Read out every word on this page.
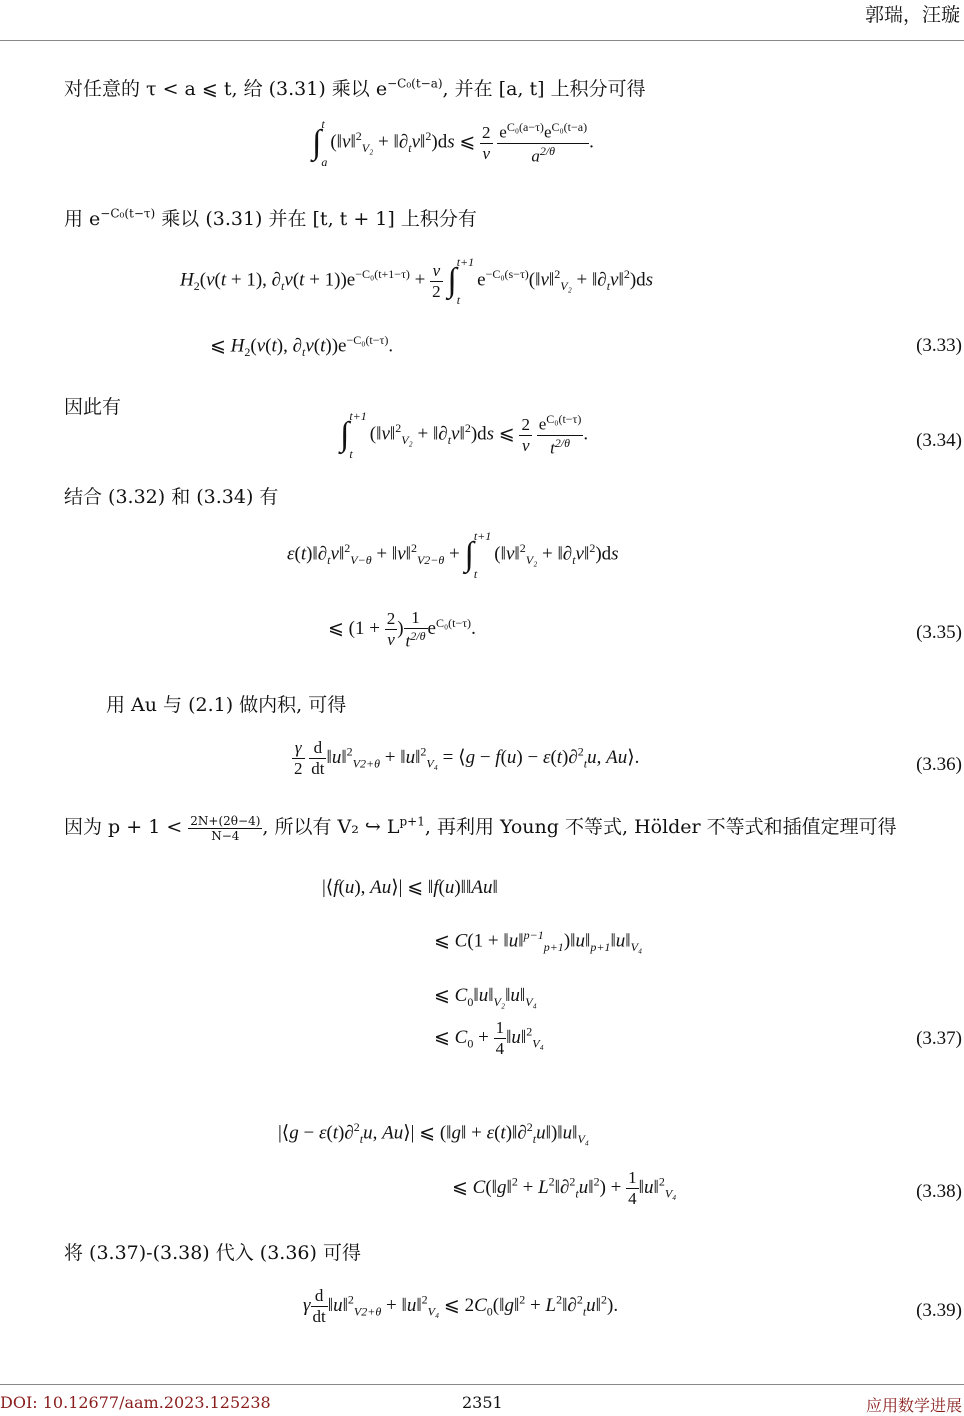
郭瑞，汪璇
对任意的 τ < a ⩽ t, 给 (3.31) 乘以 $e^{-C_0(t-a)}$, 并在 [a, t] 上积分可得
∫ t
a
(‖v‖$^2_{V_2}$ + $‖\partial_tv‖^2)ds$ ⩽ $\frac{2}{\nu}$
$\frac{e^{C_0(a-\tau)}e^{C_0(t-a)}}{a^{2/\theta}}$ .
用 $e^{-C_0(t-\tau)}$ 乘以 (3.31) 并在 [t, t + 1] 上积分有
$H_2(v(t + 1)$, $\partial_tv(t + 1))e^{-C_0(t+1-\tau)} + \frac{\nu}{2}$ ∫ t+1
t
$e^{-C_0(s-\tau)}(‖v‖^2_{V_2}$ + $‖\partial_tv‖^2)ds$
⩽ $H_2(v(t)$, $\partial_tv(t))e^{-C_0(t-\tau)}$.	(3.33)
因此有
∫ t+1
t
(‖v‖$^2_{V_2}$ + $‖\partial_tv‖^2)ds$ ⩽ $\frac{2}{\nu}$
$\frac{e^{C_0(t-\tau)}}{t^{2/\theta}}$ .	(3.34)
结合 (3.32) 和 (3.34) 有
$\varepsilon(t)‖\partial_tv‖^2_{V-\theta}$ + ‖v‖$^2_{V2-\theta}$ + ∫ t+1
t
(‖v‖$^2_{V_2}$ + $‖\partial_tv‖^2)ds$
⩽ ($1 + \frac{2}{\nu}$ ) $\frac{1}{t^{2/\theta}} e^{C_0(t-\tau)}$.	(3.35)
用 Au 与 (2.1) 做内积, 可得
$\frac{\gamma}{2}$
$\frac{d}{dt}$ ‖u‖$^2_{V2+\theta}$ + ‖u‖$^2_{V_4}$ = ⟨g − f(u) − ε(t)∂$^2_t$u, Au⟩.	(3.36)
因为 $p + 1 < \frac{2N+(2\theta-4)}{N-4}$ , 所以有 V₂ ↪ $L^{p+1}$, 再利用 Young 不等式, Hölder 不等式和插值定理可得
|⟨f(u), Au⟩| ⩽ ‖f(u)‖‖Au‖
⩽ $C(1 + ‖u‖^{p-1}_{p+1})‖u‖_{p+1}‖u‖_{V_4}$
⩽ $C_0‖u‖_{V_2}‖u‖_{V_4}$
⩽ $C_0 + \frac{1}{4}$ ‖u‖$^2_{V_4}$	(3.37)
|⟨g − ε(t)∂$^2_t$u, Au⟩| ⩽ (‖g‖ + $\varepsilon(t)‖\partial^2_tu‖)‖u‖_{V_4}$
⩽ C(‖g‖$^2$ + $L^2‖\partial^2_tu‖^2) + \frac{1}{4}$ ‖u‖$^2_{V_4}$	(3.38)
将 (3.37)-(3.38) 代入 (3.36) 可得
γ $\frac{d}{dt}$ ‖u‖$^2_{V2+\theta}$ + ‖u‖$^2_{V_4}$ ⩽ $2C_0(‖g‖^2$ + $L^2‖\partial^2_tu‖^2$).	(3.39)
DOI: 10.12677/aam.2023.125238	2351	应用数学进展
